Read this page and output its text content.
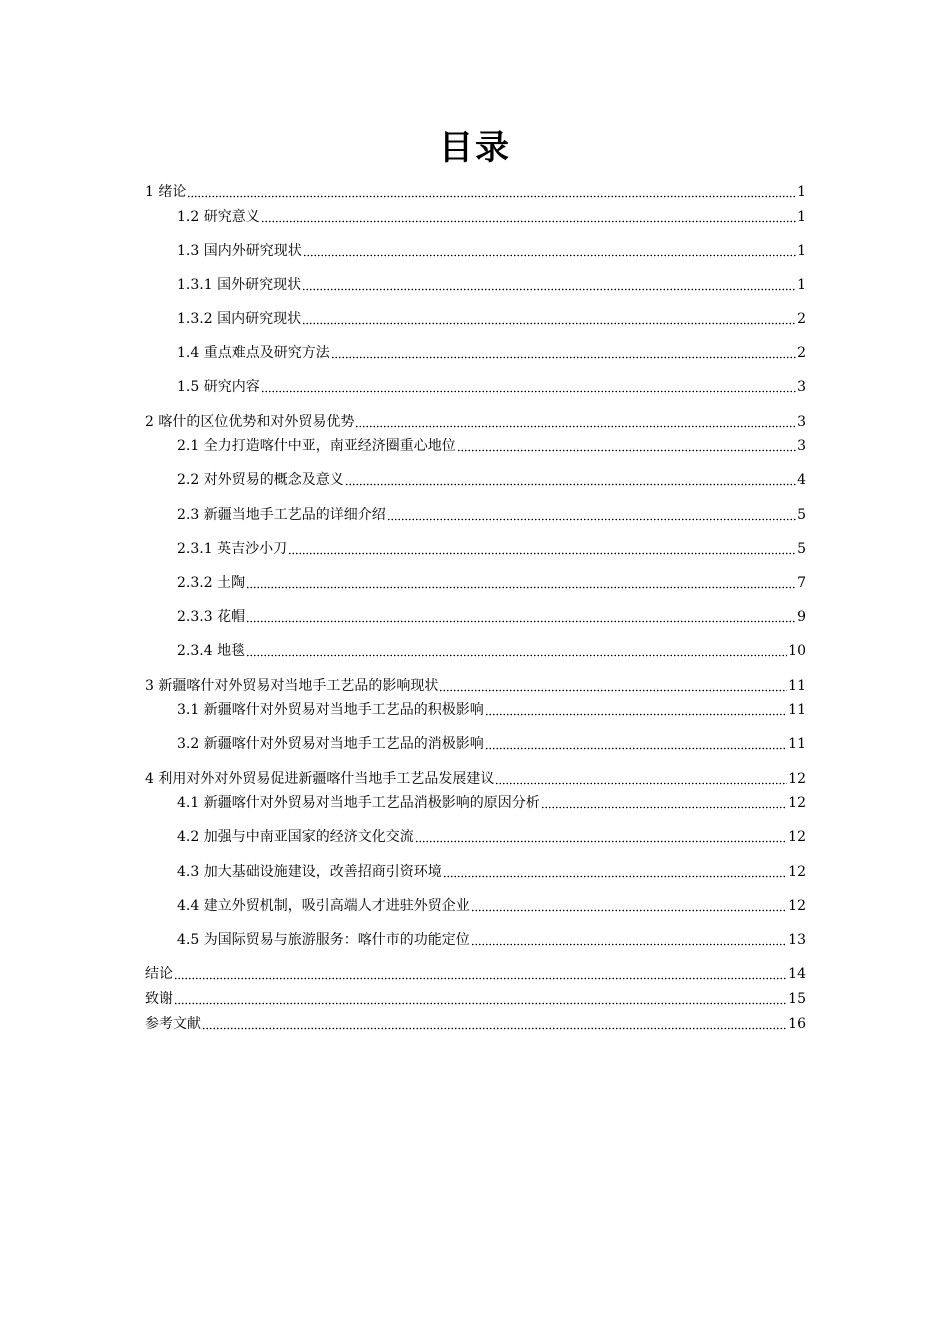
目录
1 绪论	1
1.2 研究意义	1
1.3 国内外研究现状	1
1.3.1 国外研究现状	1
1.3.2 国内研究现状	2
1.4 重点难点及研究方法	2
1.5 研究内容	3
2 喀什的区位优势和对外贸易优势	3
2.1 全力打造喀什中亚，南亚经济圈重心地位	3
2.2 对外贸易的概念及意义	4
2.3 新疆当地手工艺品的详细介绍	5
2.3.1 英吉沙小刀	5
2.3.2 土陶	7
2.3.3 花帽	9
2.3.4 地毯	10
3 新疆喀什对外贸易对当地手工艺品的影响现状	11
3.1 新疆喀什对外贸易对当地手工艺品的积极影响	11
3.2 新疆喀什对外贸易对当地手工艺品的消极影响	11
4 利用对外对外贸易促进新疆喀什当地手工艺品发展建议	12
4.1 新疆喀什对外贸易对当地手工艺品消极影响的原因分析	12
4.2 加强与中南亚国家的经济文化交流	12
4.3 加大基础设施建设，改善招商引资环境	12
4.4 建立外贸机制，吸引高端人才进驻外贸企业	12
4.5 为国际贸易与旅游服务：喀什市的功能定位	13
结论	14
致谢	15
参考文献	16
